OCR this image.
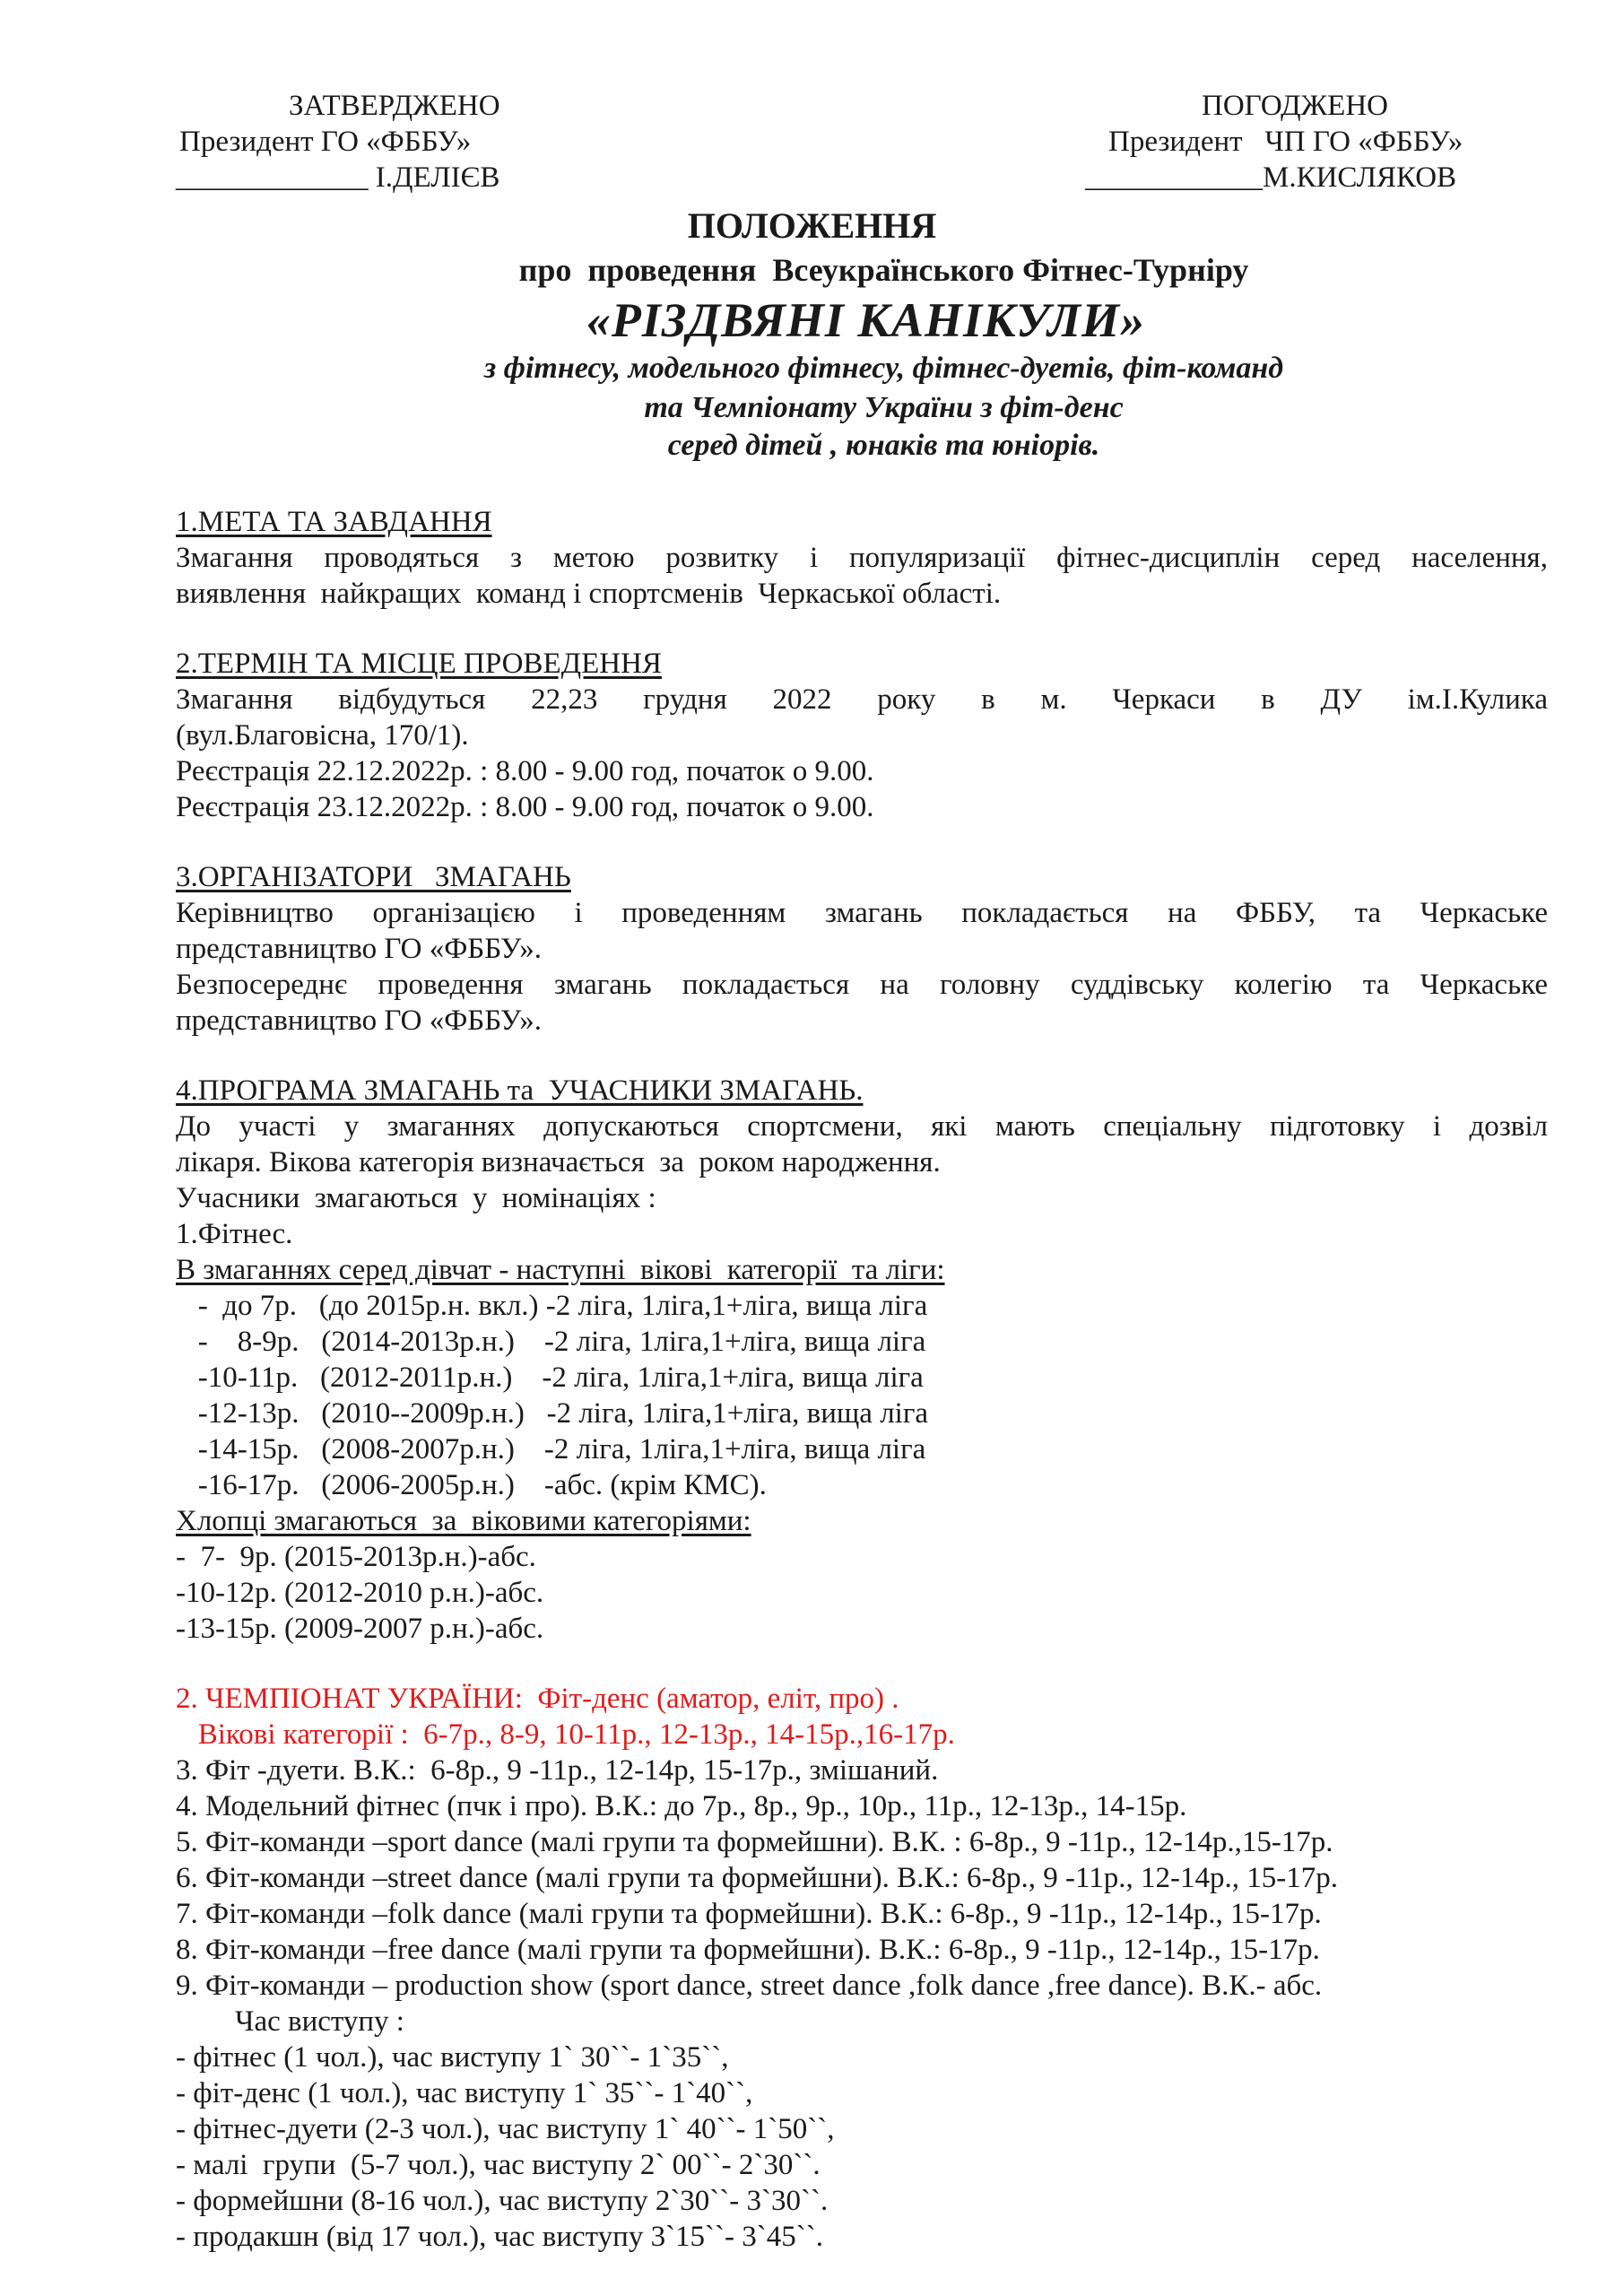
ЗАТВЕРДЖЕНО
Президент ГО «ФББУ»
_____________ І.ДЕЛІЄВ
ПОГОДЖЕНО
Президент   ЧП ГО «ФББУ»
____________М.КИСЛЯКОВ
ПОЛОЖЕННЯ
про  проведення  Всеукраїнського Фітнес-Турніру
«РІЗДВЯНІ КАНІКУЛИ»
з фітнесу, модельного фітнесу, фітнес-дуетів, фіт-команд
та Чемпіонату України з фіт-денс
серед дітей , юнаків та юніорів.
1.МЕТА ТА ЗАВДАННЯ
Змагання проводяться з метою розвитку і популяризації фітнес-дисциплін серед населення,
виявлення  найкращих  команд і спортсменів  Черкаської області.
2.ТЕРМІН ТА МІСЦЕ ПРОВЕДЕННЯ
Змагання відбудуться 22,23 грудня 2022 року в м. Черкаси в ДУ ім.І.Кулика
(вул.Благовісна, 170/1).
Реєстрація 22.12.2022р. : 8.00 - 9.00 год, початок о 9.00.
Реєстрація 23.12.2022р. : 8.00 - 9.00 год, початок о 9.00.
3.ОРГАНІЗАТОРИ   ЗМАГАНЬ
Керівництво організацією і проведенням змагань покладається на ФББУ, та Черкаське
представництво ГО «ФББУ».
Безпосереднє проведення змагань покладається на головну суддівську колегію та Черкаське
представництво ГО «ФББУ».
4.ПРОГРАМА ЗМАГАНЬ та  УЧАСНИКИ ЗМАГАНЬ.
До участі у змаганнях допускаються спортсмени, які мають спеціальну підготовку і дозвіл
лікаря. Вікова категорія визначається  за  роком народження.
Учасники  змагаються  у  номінаціях :
1.Фітнес.
В змаганнях серед дівчат - наступні  вікові  категорії  та ліги:
-  до 7р.   (до 2015р.н. вкл.) -2 ліга, 1ліга,1+ліга, вища ліга
-    8-9р.   (2014-2013р.н.)    -2 ліга, 1ліга,1+ліга, вища ліга
-10-11р.   (2012-2011р.н.)    -2 ліга, 1ліга,1+ліга, вища ліга
-12-13р.   (2010--2009р.н.)   -2 ліга, 1ліга,1+ліга, вища ліга
-14-15р.   (2008-2007р.н.)    -2 ліга, 1ліга,1+ліга, вища ліга
-16-17р.   (2006-2005р.н.)    -абс. (крім КМС).
Хлопці змагаються  за  віковими категоріями:
-  7-  9р. (2015-2013р.н.)-абс.
-10-12р. (2012-2010 р.н.)-абс.
-13-15р. (2009-2007 р.н.)-абс.
2. ЧЕМПІОНАТ УКРАЇНИ:  Фіт-денс (аматор, еліт, про) .
Вікові категорії :  6-7р., 8-9, 10-11р., 12-13р., 14-15р.,16-17р.
3. Фіт -дуети. В.К.:  6-8р., 9 -11р., 12-14р, 15-17р., змішаний.
4. Модельний фітнес (пчк і про). В.К.: до 7р., 8р., 9р., 10р., 11р., 12-13р., 14-15р.
5. Фіт-команди –sport dance (малі групи та формейшни). В.К. : 6-8р., 9 -11р., 12-14р.,15-17р.
6. Фіт-команди –street dance (малі групи та формейшни). В.К.: 6-8р., 9 -11р., 12-14р., 15-17р.
7. Фіт-команди –folk dance (малі групи та формейшни). В.К.: 6-8р., 9 -11р., 12-14р., 15-17р.
8. Фіт-команди –free dance (малі групи та формейшни). В.К.: 6-8р., 9 -11р., 12-14р., 15-17р.
9. Фіт-команди – production show (sport dance, street dance ,folk dance ,free dance). В.К.- абс.
Час виступу :
- фітнес (1 чол.), час виступу 1` 30``- 1`35``,
- фіт-денс (1 чол.), час виступу 1` 35``- 1`40``,
- фітнес-дуети (2-3 чол.), час виступу 1` 40``- 1`50``,
- малі  групи  (5-7 чол.), час виступу 2` 00``- 2`30``.
- формейшни (8-16 чол.), час виступу 2`30``- 3`30``.
- продакшн (від 17 чол.), час виступу 3`15``- 3`45``.
